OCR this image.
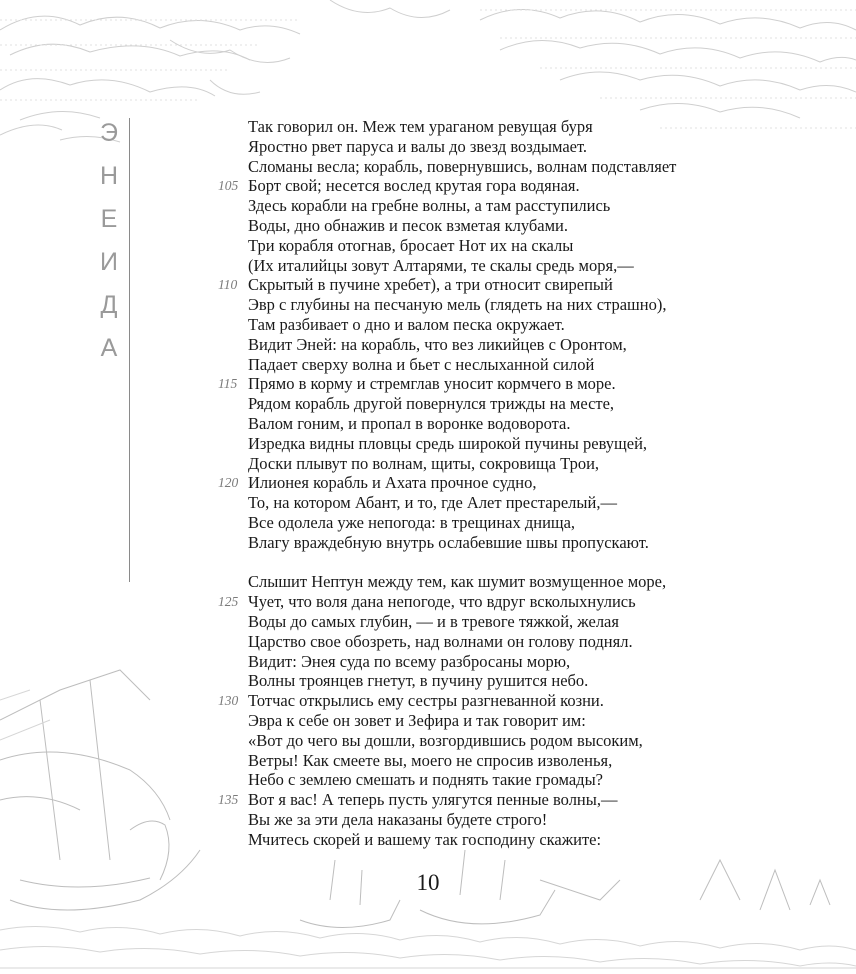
Э
Н
Е
И
Д
А
Так говорил он. Меж тем ураганом ревущая буря
Яростно рвет паруса и валы до звезд воздымает.
Сломаны весла; корабль, повернувшись, волнам подставляет
105 Борт свой; несется вослед крутая гора водяная.
Здесь корабли на гребне волны, а там расступились
Воды, дно обнажив и песок взметая клубами.
Три корабля отогнав, бросает Нот их на скалы
(Их италийцы зовут Алтарями, те скалы средь моря,—
110 Скрытый в пучине хребет), а три относит свирепый
Эвр с глубины на песчаную мель (глядеть на них страшно),
Там разбивает о дно и валом песка окружает.
Видит Эней: на корабль, что вез ликийцев с Оронтом,
Падает сверху волна и бьет с неслыханной силой
115 Прямо в корму и стремглав уносит кормчего в море.
Рядом корабль другой повернулся трижды на месте,
Валом гоним, и пропал в воронке водоворота.
Изредка видны пловцы средь широкой пучины ревущей,
Доски плывут по волнам, щиты, сокровища Трои,
120 Илионея корабль и Ахата прочное судно,
То, на котором Абант, и то, где Алет престарелый,—
Все одолела уже непогода: в трещинах днища,
Влагу враждебную внутрь ослабевшие швы пропускают.
Слышит Нептун между тем, как шумит возмущенное море,
125 Чует, что воля дана непогоде, что вдруг всколыхнулись
Воды до самых глубин, — и в тревоге тяжкой, желая
Царство свое обозреть, над волнами он голову поднял.
Видит: Энея суда по всему разбросаны морю,
Волны троянцев гнетут, в пучину рушится небо.
130 Тотчас открылись ему сестры разгневанной козни.
Эвра к себе он зовет и Зефира и так говорит им:
«Вот до чего вы дошли, возгордившись родом высоким,
Ветры! Как смеете вы, моего не спросив изволенья,
Небо с землею смешать и поднять такие громады?
135 Вот я вас! А теперь пусть улягутся пенные волны,—
Вы же за эти дела наказаны будете строго!
Мчитесь скорей и вашему так господину скажите:
10
